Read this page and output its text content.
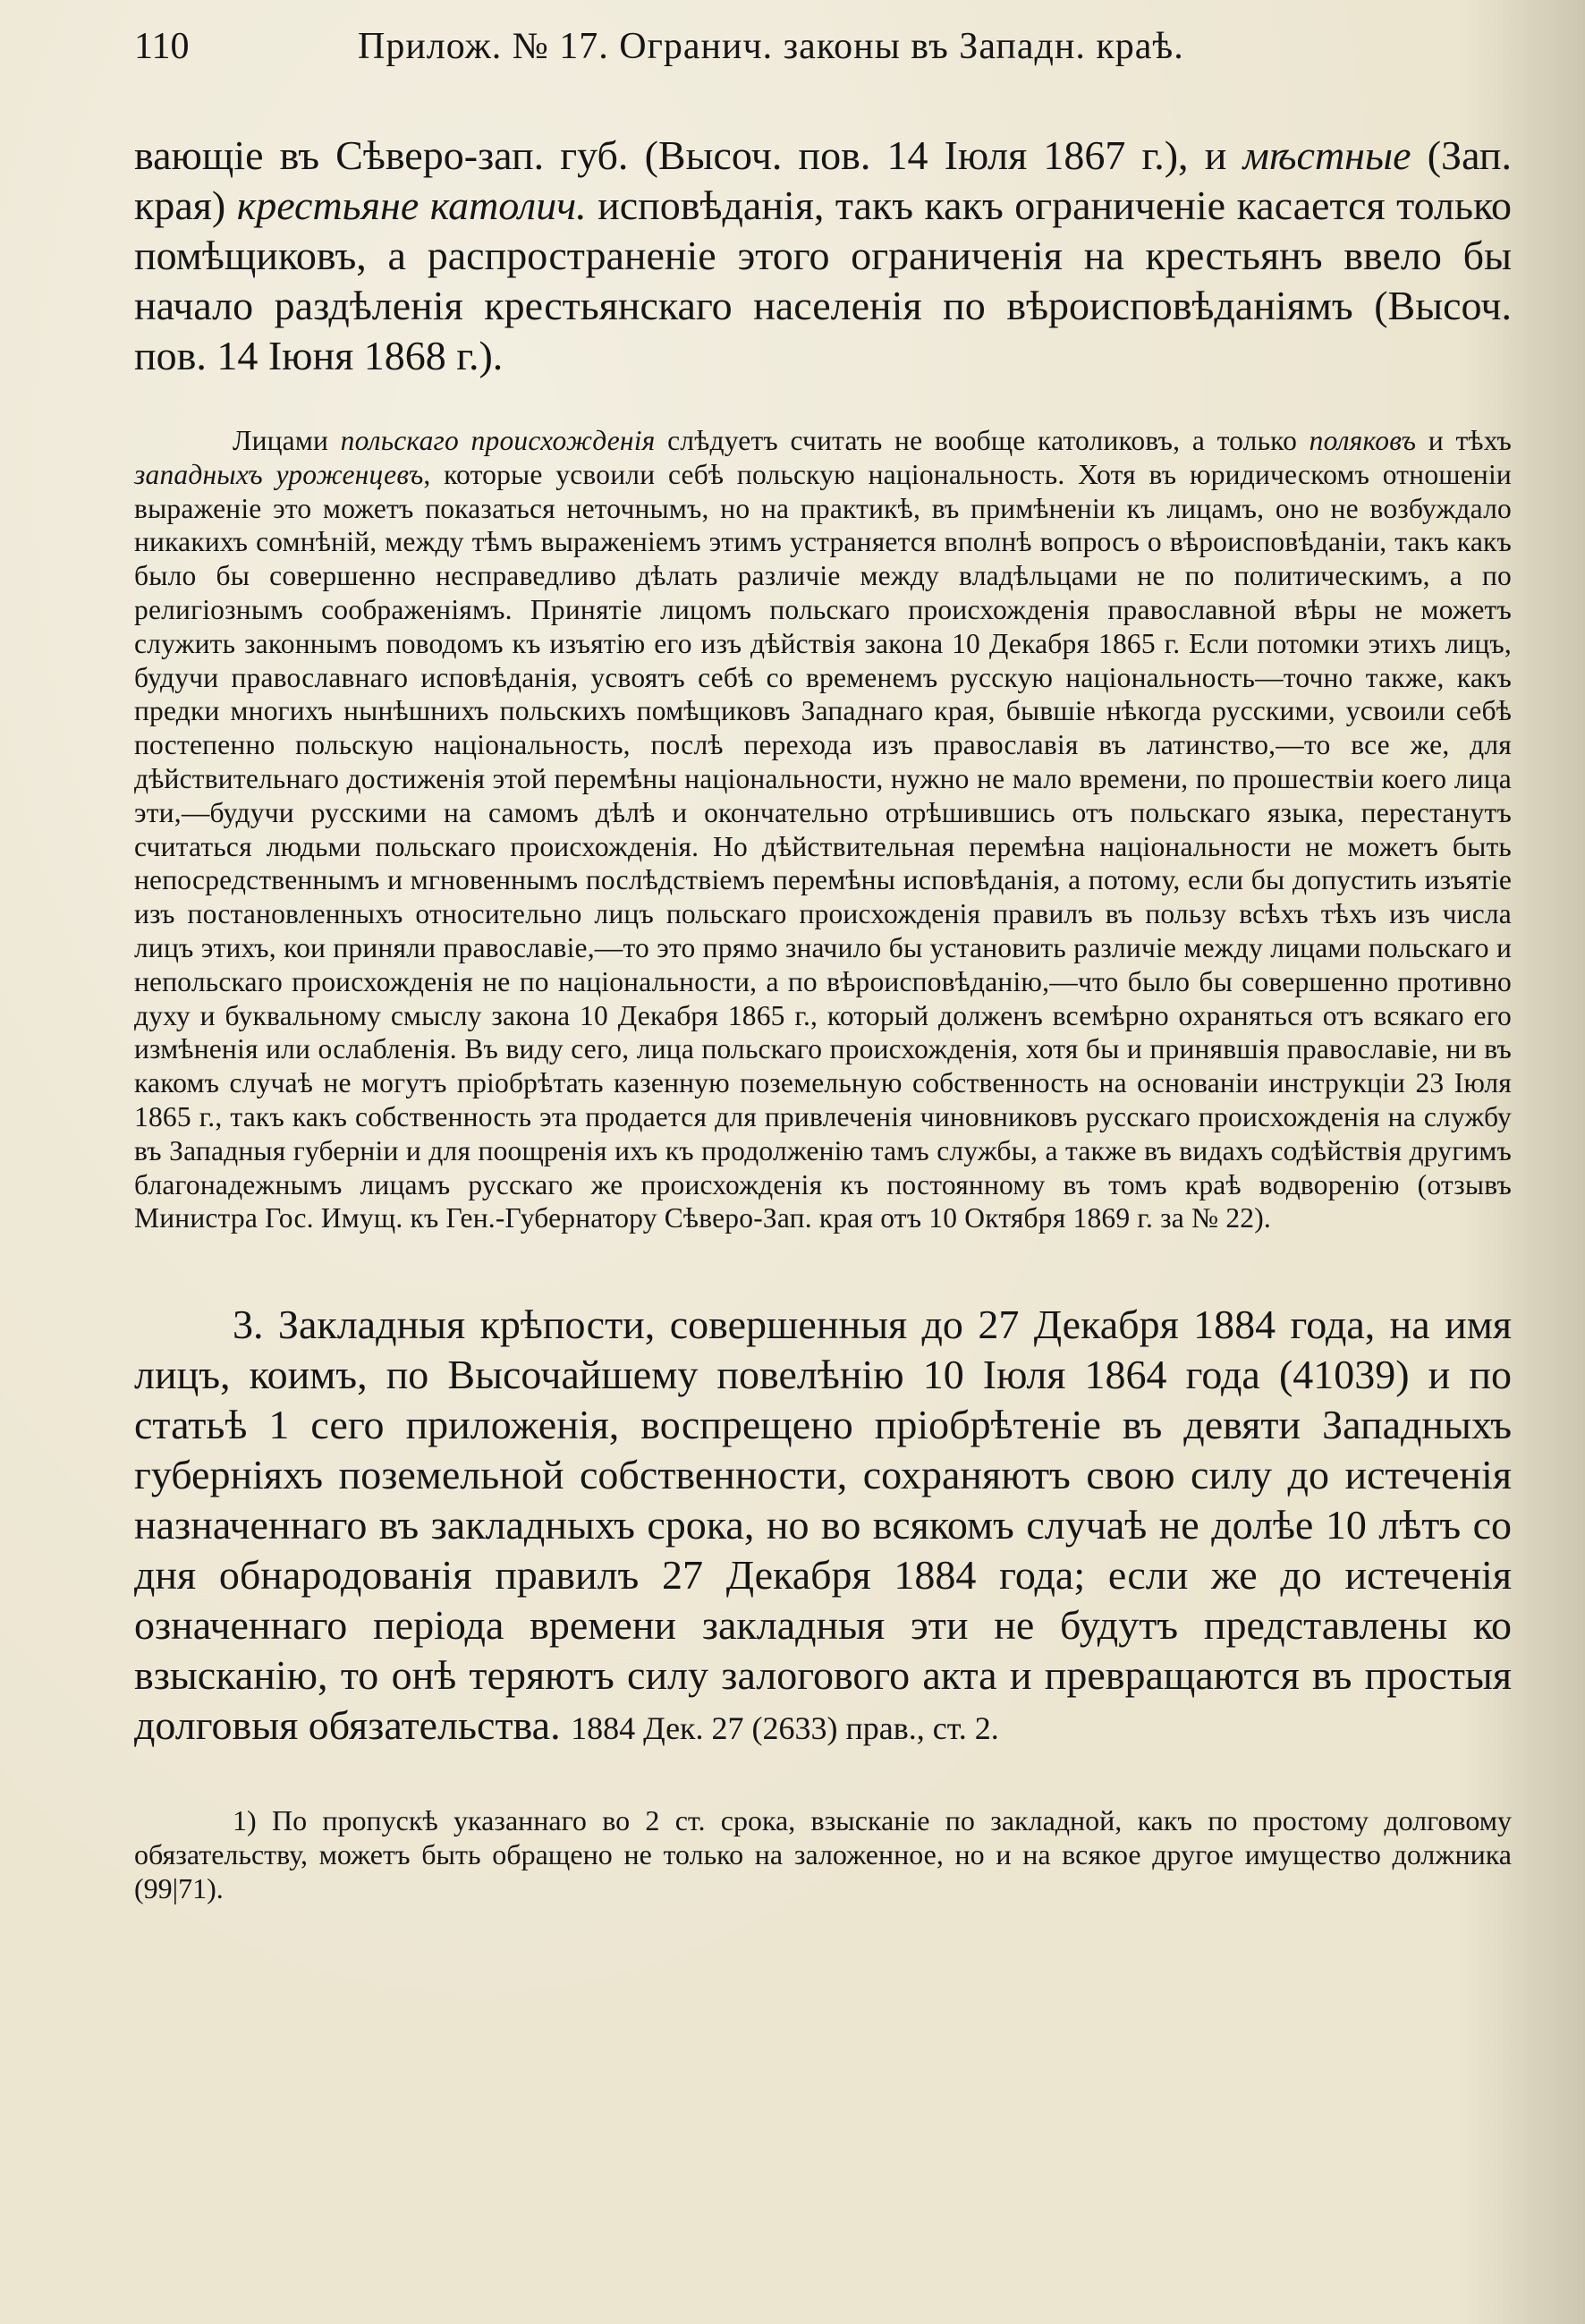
110	Прилож. № 17. Огранич. законы въ Западн. краѣ.

вающіе въ Сѣверо-зап. губ. (Высоч. пов. 14 Іюля 1867 г.), и мѣстные (Зап. края) крестьяне католич. исповѣданія, такъ какъ ограниченіе касается только помѣщиковъ, а распространеніе этого ограниченія на крестьянъ ввело бы начало раздѣленія крестьянскаго населенія по вѣроисповѣданіямъ (Высоч. пов. 14 Іюня 1868 г.).

Лицами польскаго происхожденія слѣдуетъ считать не вообще католиковъ, а только поляковъ и тѣхъ западныхъ уроженцевъ, которые усвоили себѣ польскую національность. Хотя въ юридическомъ отношеніи выраженіе это можетъ показаться неточнымъ, но на практикѣ, въ примѣненіи къ лицамъ, оно не возбуждало никакихъ сомнѣній, между тѣмъ выраженіемъ этимъ устраняется вполнѣ вопросъ о вѣроисповѣданіи, такъ какъ было бы совершенно несправедливо дѣлать различіе между владѣльцами не по политическимъ, а по религіознымъ соображеніямъ. Принятіе лицомъ польскаго происхожденія православной вѣры не можетъ служить законнымъ поводомъ къ изъятію его изъ дѣйствія закона 10 Декабря 1865 г. Если потомки этихъ лицъ, будучи православнаго исповѣданія, усвоятъ себѣ со временемъ русскую національность—точно также, какъ предки многихъ нынѣшнихъ польскихъ помѣщиковъ Западнаго края, бывшіе нѣкогда русскими, усвоили себѣ постепенно польскую національность, послѣ перехода изъ православія въ латинство,—то все же, для дѣйствительнаго достиженія этой перемѣны національности, нужно не мало времени, по прошествіи коего лица эти,—будучи русскими на самомъ дѣлѣ и окончательно отрѣшившись отъ польскаго языка, перестанутъ считаться людьми польскаго происхожденія. Но дѣйствительная перемѣна національности не можетъ быть непосредственнымъ и мгновеннымъ послѣдствіемъ перемѣны исповѣданія, а потому, если бы допустить изъятіе изъ постановленныхъ относительно лицъ польскаго происхожденія правилъ въ пользу всѣхъ тѣхъ изъ числа лицъ этихъ, кои приняли православіе,—то это прямо значило бы установить различіе между лицами польскаго и непольскаго происхожденія не по національности, а по вѣроисповѣданію,—что было бы совершенно противно духу и буквальному смыслу закона 10 Декабря 1865 г., который долженъ всемѣрно охраняться отъ всякаго его измѣненія или ослабленія. Въ виду сего, лица польскаго происхожденія, хотя бы и принявшія православіе, ни въ какомъ случаѣ не могутъ пріобрѣтать казенную поземельную собственность на основаніи инструкціи 23 Іюля 1865 г., такъ какъ собственность эта продается для привлеченія чиновниковъ русскаго происхожденія на службу въ Западныя губерніи и для поощренія ихъ къ продолженію тамъ службы, а также въ видахъ содѣйствія другимъ благонадежнымъ лицамъ русскаго же происхожденія къ постоянному въ томъ краѣ водворенію (отзывъ Министра Гос. Имущ. къ Ген.-Губернатору Сѣверо-Зап. края отъ 10 Октября 1869 г. за № 22).

3. Закладныя крѣпости, совершенныя до 27 Декабря 1884 года, на имя лицъ, коимъ, по Высочайшему повелѣнію 10 Іюля 1864 года (41039) и по статьѣ 1 сего приложенія, воспрещено пріобрѣтеніе въ девяти Западныхъ губерніяхъ поземельной собственности, сохраняютъ свою силу до истеченія назначеннаго въ закладныхъ срока, но во всякомъ случаѣ не долѣе 10 лѣтъ со дня обнародованія правилъ 27 Декабря 1884 года; если же до истеченія означеннаго періода времени закладныя эти не будутъ представлены ко взысканію, то онѣ теряютъ силу залогового акта и превращаются въ простыя долговыя обязательства. 1884 Дек. 27 (2633) прав., ст. 2.

1) По пропускѣ указаннаго во 2 ст. срока, взысканіе по закладной, какъ по простому долговому обязательству, можетъ быть обращено не только на заложенное, но и на всякое другое имущество должника (99|71).
